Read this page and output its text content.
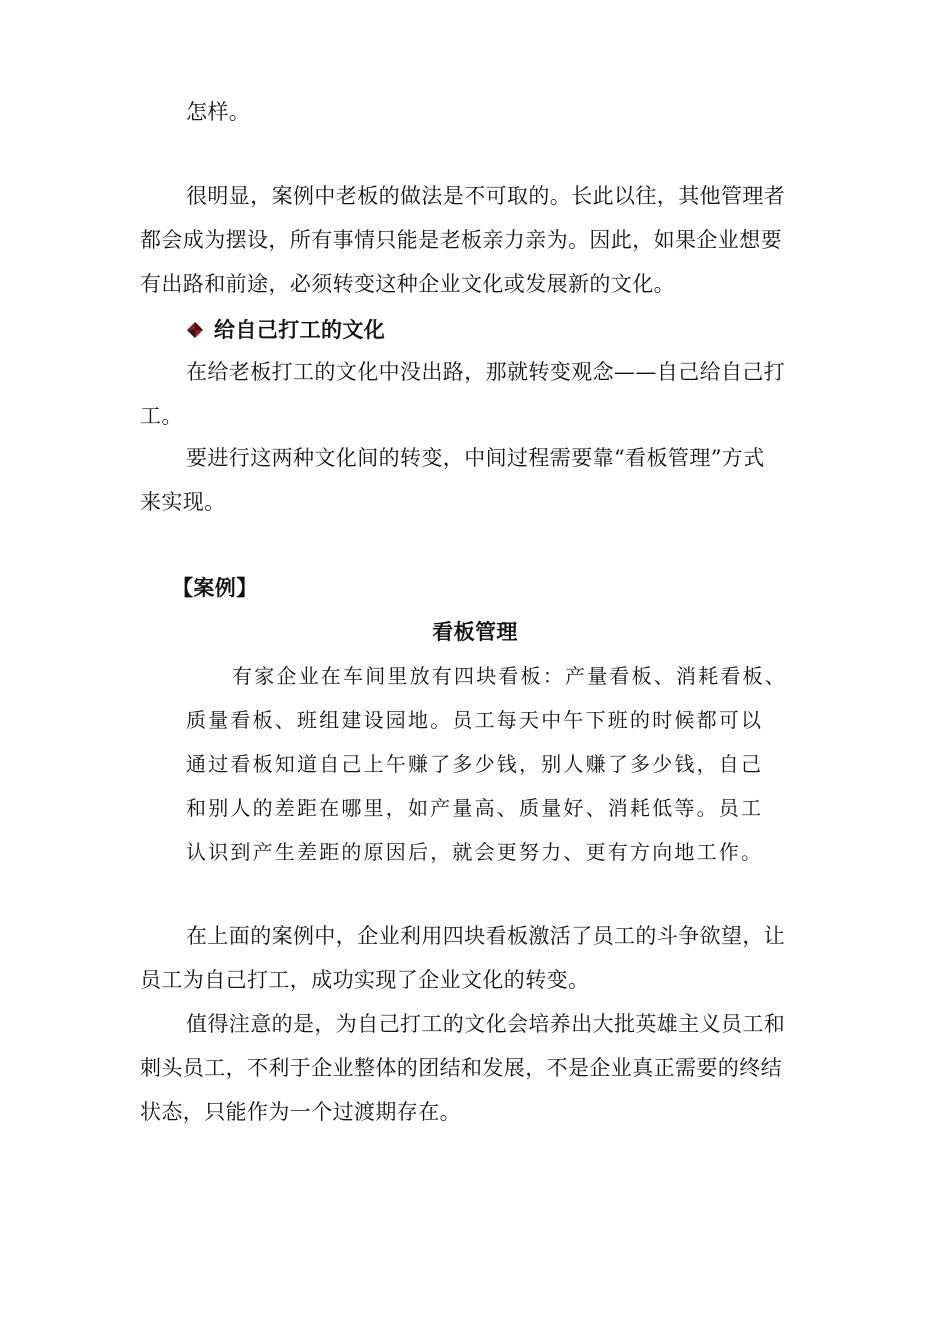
怎样。
很明显，案例中老板的做法是不可取的。长此以往，其他管理者
都会成为摆设，所有事情只能是老板亲力亲为。因此，如果企业想要
有出路和前途，必须转变这种企业文化或发展新的文化。
给自己打工的文化
在给老板打工的文化中没出路，那就转变观念——自己给自己打
工。
要进行这两种文化间的转变，中间过程需要靠“看板管理”方式
来实现。
【案例】
看板管理
有家企业在车间里放有四块看板：产量看板、消耗看板、
质量看板、班组建设园地。员工每天中午下班的时候都可以
通过看板知道自己上午赚了多少钱，别人赚了多少钱，自己
和别人的差距在哪里，如产量高、质量好、消耗低等。员工
认识到产生差距的原因后，就会更努力、更有方向地工作。
在上面的案例中，企业利用四块看板激活了员工的斗争欲望，让
员工为自己打工，成功实现了企业文化的转变。
值得注意的是，为自己打工的文化会培养出大批英雄主义员工和
刺头员工，不利于企业整体的团结和发展，不是企业真正需要的终结
状态，只能作为一个过渡期存在。
